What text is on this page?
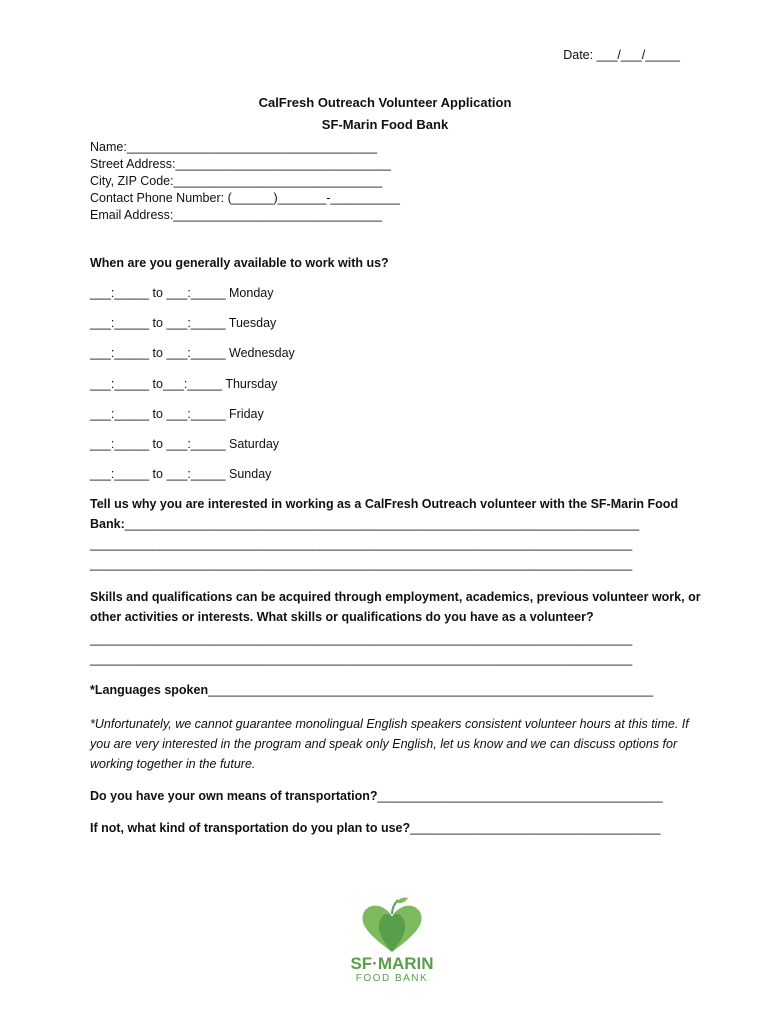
Date: ___/___/_____
CalFresh Outreach Volunteer Application
SF-Marin Food Bank
Name:____________________________________
Street Address:_______________________________
City, ZIP Code:______________________________
Contact Phone Number: (______)_______-__________
Email Address:______________________________
When are you generally available to work with us?
___:_____ to ___:_____ Monday
___:_____ to ___:_____ Tuesday
___:_____ to ___:_____ Wednesday
___:_____ to___:_____ Thursday
___:_____ to ___:_____ Friday
___:_____ to ___:_____ Saturday
___:_____ to ___:_____ Sunday
Tell us why you are interested in working as a CalFresh Outreach volunteer with the SF-Marin Food
Bank:__________________________________________________________________________
______________________________________________________________________________
______________________________________________________________________________
Skills and qualifications can be acquired through employment, academics, previous volunteer work, or
other activities or interests. What skills or qualifications do you have as a volunteer?
______________________________________________________________________________
______________________________________________________________________________
*Languages spoken________________________________________________________________
*Unfortunately, we cannot guarantee monolingual English speakers consistent volunteer hours at this time. If you are very interested in the program and speak only English, let us know and we can discuss options for working together in the future.
Do you have your own means of transportation?_________________________________________
If not, what kind of transportation do you plan to use?____________________________________

SF·MARIN
FOOD BANK
